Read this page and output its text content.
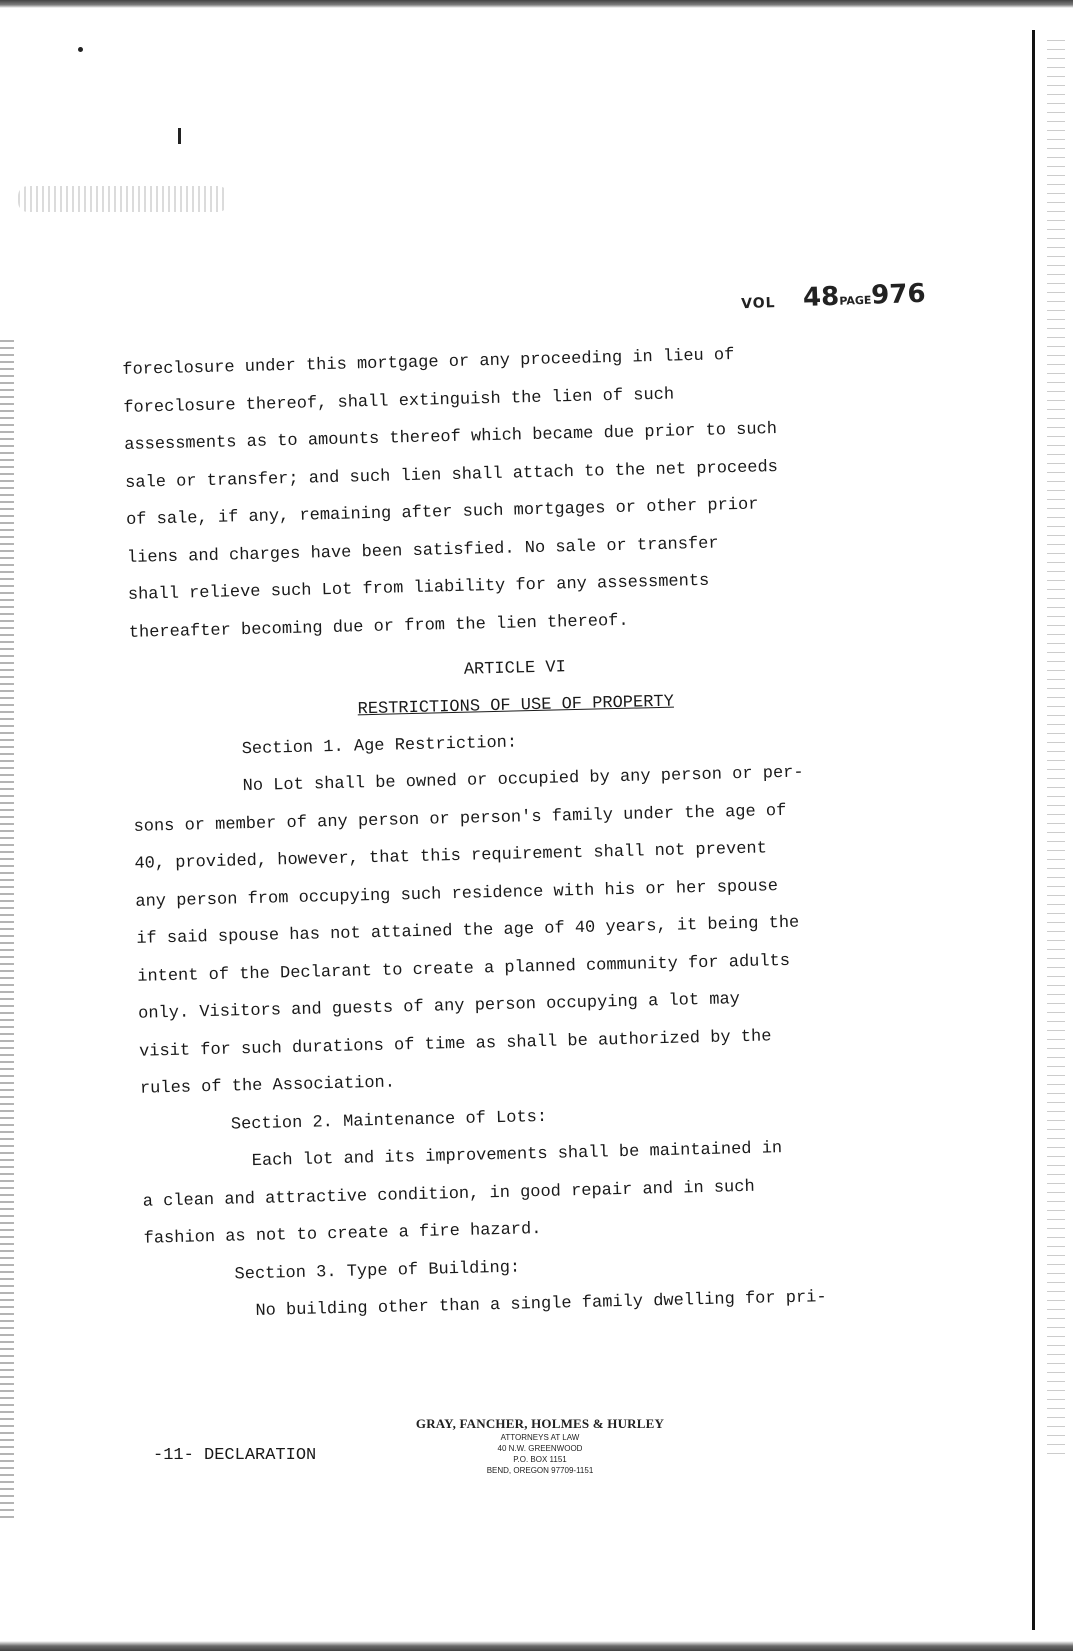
VOL 48PAGE976
foreclosure under this mortgage or any proceeding in lieu of
foreclosure thereof, shall extinguish the lien of such
assessments as to amounts thereof which became due prior to such
sale or transfer; and such lien shall attach to the net proceeds
of sale, if any, remaining after such mortgages or other prior
liens and charges have been satisfied. No sale or transfer
shall relieve such Lot from liability for any assessments
thereafter becoming due or from the lien thereof.
ARTICLE VI
RESTRICTIONS OF USE OF PROPERTY
Section 1. Age Restriction:
No Lot shall be owned or occupied by any person or per-
sons or member of any person or person's family under the age of
40, provided, however, that this requirement shall not prevent
any person from occupying such residence with his or her spouse
if said spouse has not attained the age of 40 years, it being the
intent of the Declarant to create a planned community for adults
only. Visitors and guests of any person occupying a lot may
visit for such durations of time as shall be authorized by the
rules of the Association.
Section 2. Maintenance of Lots:
Each lot and its improvements shall be maintained in
a clean and attractive condition, in good repair and in such
fashion as not to create a fire hazard.
Section 3. Type of Building:
No building other than a single family dwelling for pri-
-11- DECLARATION
GRAY, FANCHER, HOLMES & HURLEY
ATTORNEYS AT LAW
40 N.W. GREENWOOD
P.O. BOX 1151
BEND, OREGON 97709-1151
